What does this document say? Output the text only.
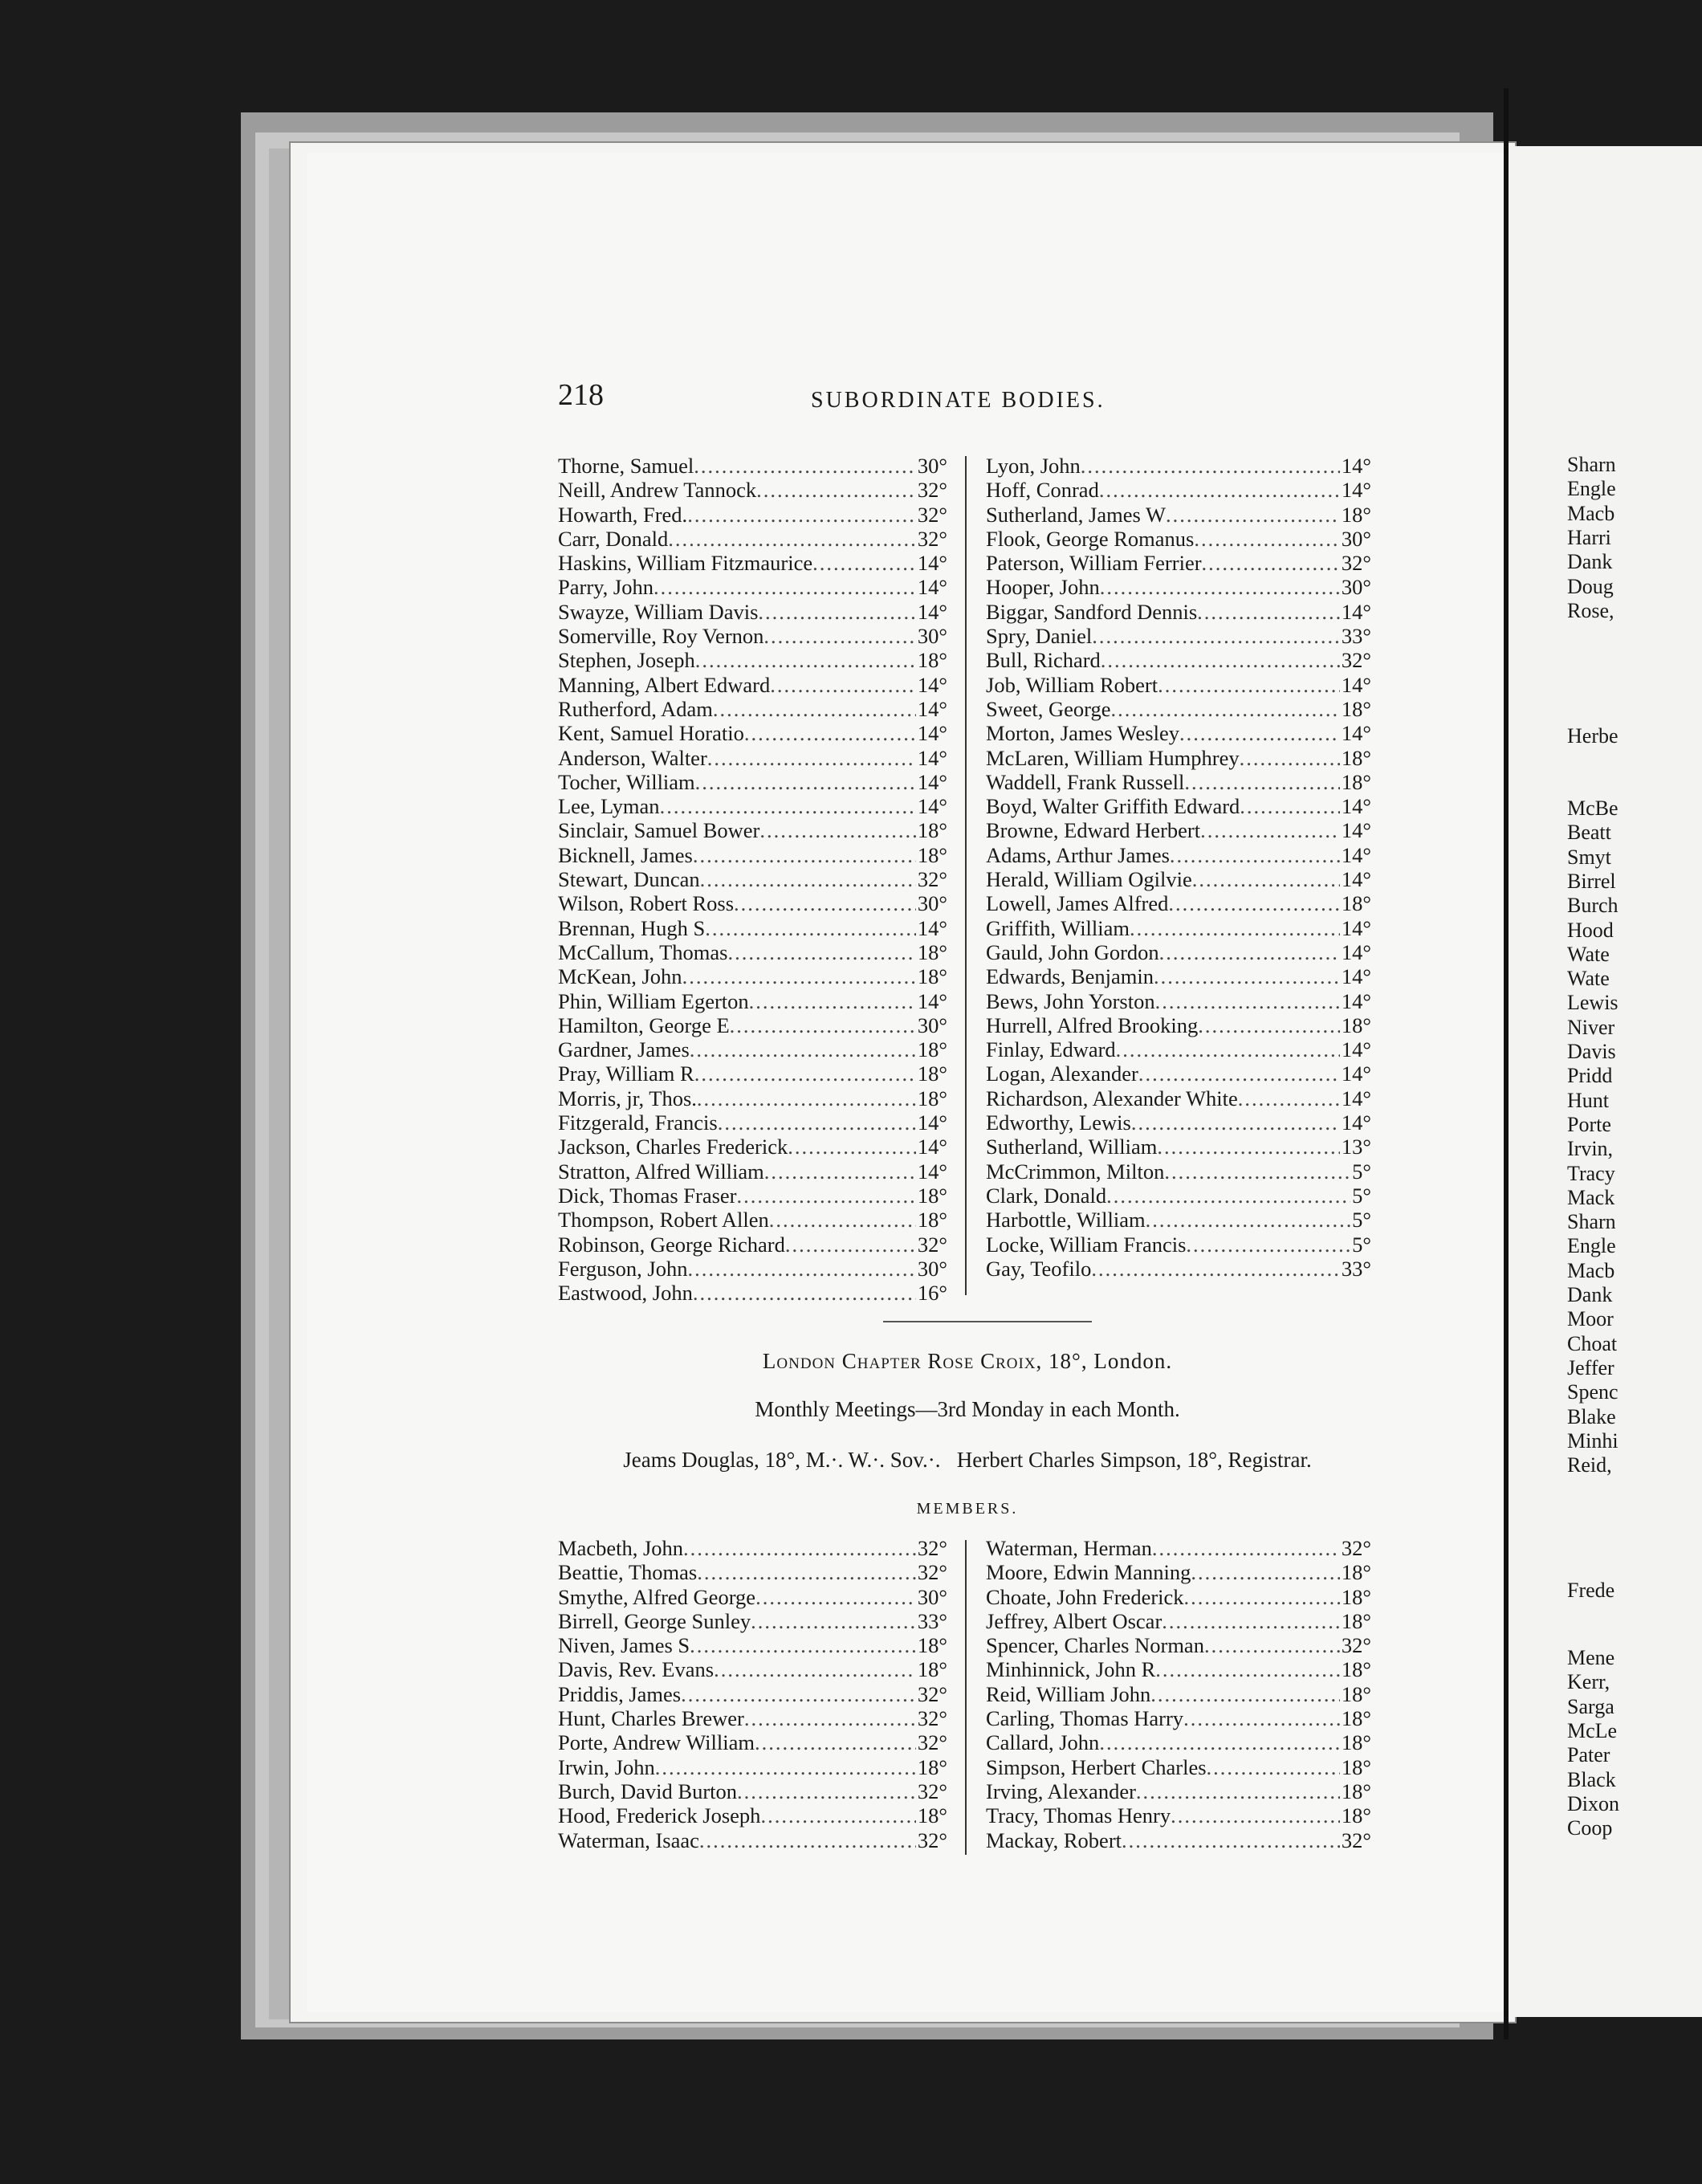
Sharn
Engle
Macb
Harri
Dank
Doug
Rose,
Herbe
McBe
Beatt
Smyt
Birrel
Burch
Hood
Wate
Wate
Lewis
Niver
Davis
Pridd
Hunt
Porte
Irvin,
Tracy
Mack
Sharn
Engle
Macb
Dank
Moor
Choat
Jeffer
Spenc
Blake
Minhi
Reid,
Frede
Mene
Kerr,
Sarga
McLe
Pater
Black
Dixon
Coop
218	SUBORDINATE BODIES.
Thorne, Samuel .....	30°
Neill, Andrew Tannock .....	32°
Howarth, Fred. .....	32°
Carr, Donald .....	32°
Haskins, William Fitzmaurice .....	14°
Parry, John .....	14°
Swayze, William Davis .....	14°
Somerville, Roy Vernon .....	30°
Stephen, Joseph .....	18°
Manning, Albert Edward .....	14°
Rutherford, Adam .....	14°
Kent, Samuel Horatio .....	14°
Anderson, Walter .....	14°
Tocher, William .....	14°
Lee, Lyman .....	14°
Sinclair, Samuel Bower .....	18°
Bicknell, James .....	18°
Stewart, Duncan .....	32°
Wilson, Robert Ross .....	30°
Brennan, Hugh S .....	14°
McCallum, Thomas .....	18°
McKean, John .....	18°
Phin, William Egerton .....	14°
Hamilton, George E .....	30°
Gardner, James .....	18°
Pray, William R .....	18°
Morris, jr, Thos. .....	18°
Fitzgerald, Francis .....	14°
Jackson, Charles Frederick .....	14°
Stratton, Alfred William .....	14°
Dick, Thomas Fraser .....	18°
Thompson, Robert Allen .....	18°
Robinson, George Richard .....	32°
Ferguson, John .....	30°
Eastwood, John .....	16°
Lyon, John .....	14°
Hoff, Conrad .....	14°
Sutherland, James W .....	18°
Flook, George Romanus .....	30°
Paterson, William Ferrier .....	32°
Hooper, John .....	30°
Biggar, Sandford Dennis .....	14°
Spry, Daniel .....	33°
Bull, Richard .....	32°
Job, William Robert .....	14°
Sweet, George .....	18°
Morton, James Wesley .....	14°
McLaren, William Humphrey .....	18°
Waddell, Frank Russell .....	18°
Boyd, Walter Griffith Edward .....	14°
Browne, Edward Herbert .....	14°
Adams, Arthur James .....	14°
Herald, William Ogilvie .....	14°
Lowell, James Alfred .....	18°
Griffith, William .....	14°
Gauld, John Gordon .....	14°
Edwards, Benjamin .....	14°
Bews, John Yorston .....	14°
Hurrell, Alfred Brooking .....	18°
Finlay, Edward .....	14°
Logan, Alexander .....	14°
Richardson, Alexander White .....	14°
Edworthy, Lewis .....	14°
Sutherland, William .....	13°
McCrimmon, Milton .....	5°
Clark, Donald .....	5°
Harbottle, William .....	5°
Locke, William Francis .....	5°
Gay, Teofilo .....	33°
London Chapter Rose Croix, 18°, London.
Monthly Meetings—3rd Monday in each Month.
Jeams Douglas, 18°, M.·. W.·. Sov.·.   Herbert Charles Simpson, 18°, Registrar.
MEMBERS.
Macbeth, John .....	32°
Beattie, Thomas .....	32°
Smythe, Alfred George .....	30°
Birrell, George Sunley .....	33°
Niven, James S .....	18°
Davis, Rev. Evans .....	18°
Priddis, James .....	32°
Hunt, Charles Brewer .....	32°
Porte, Andrew William .....	32°
Irwin, John .....	18°
Burch, David Burton .....	32°
Hood, Frederick Joseph .....	18°
Waterman, Isaac .....	32°
Waterman, Herman .....	32°
Moore, Edwin Manning .....	18°
Choate, John Frederick .....	18°
Jeffrey, Albert Oscar .....	18°
Spencer, Charles Norman .....	32°
Minhinnick, John R .....	18°
Reid, William John .....	18°
Carling, Thomas Harry .....	18°
Callard, John .....	18°
Simpson, Herbert Charles .....	18°
Irving, Alexander .....	18°
Tracy, Thomas Henry .....	18°
Mackay, Robert .....	32°
